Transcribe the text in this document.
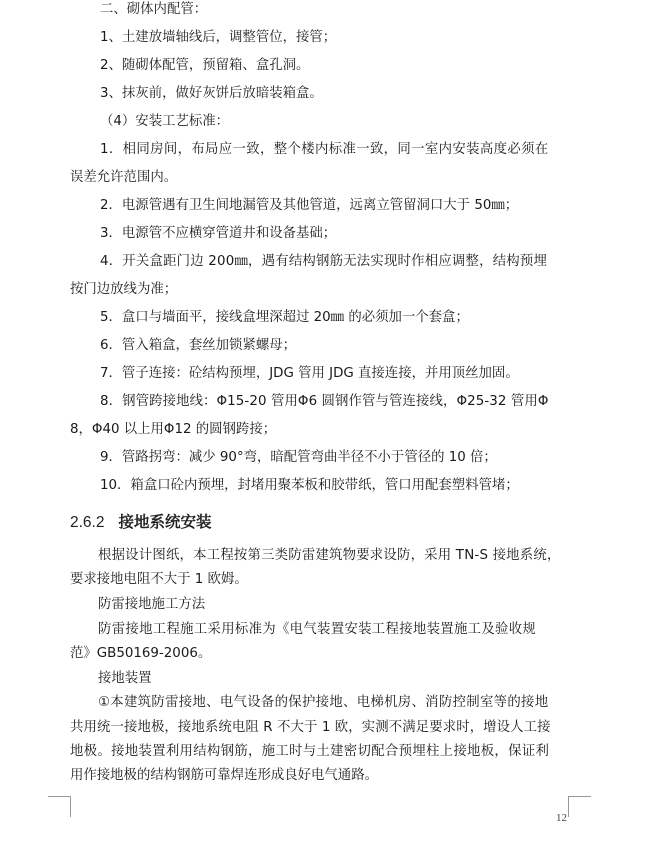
二、砌体内配管：
1、土建放墙轴线后，调整管位，接管；
2、随砌体配管，预留箱、盒孔洞。
3、抹灰前，做好灰饼后放暗装箱盒。
（4）安装工艺标准：
1．相同房间，布局应一致，整个楼内标准一致，同一室内安装高度必须在
误差允许范围内。
2．电源管遇有卫生间地漏管及其他管道，远离立管留洞口大于 50㎜；
3．电源管不应横穿管道井和设备基础；
4．开关盒距门边 200㎜，遇有结构钢筋无法实现时作相应调整，结构预埋
按门边放线为准；
5．盒口与墙面平，接线盒埋深超过 20㎜ 的必须加一个套盒；
6．管入箱盒，套丝加锁紧螺母；
7．管子连接：砼结构预埋，JDG 管用 JDG 直接连接，并用顶丝加固。
8．钢管跨接地线：Φ15-20 管用Φ6 圆钢作管与管连接线，Φ25-32 管用Φ
8，Φ40 以上用Φ12 的圆钢跨接；
9．管路拐弯：减少 90°弯，暗配管弯曲半径不小于管径的 10 倍；
10．箱盒口砼内预埋，封堵用聚苯板和胶带纸，管口用配套塑料管堵；
2.6.2 接地系统安装
根据设计图纸，本工程按第三类防雷建筑物要求设防，采用 TN-S 接地系统，
要求接地电阻不大于 1 欧姆。
防雷接地施工方法
防雷接地工程施工采用标准为《电气装置安装工程接地装置施工及验收规
范》GB50169-2006。
接地装置
①本建筑防雷接地、电气设备的保护接地、电梯机房、消防控制室等的接地
共用统一接地极，接地系统电阻 R 不大于 1 欧，实测不满足要求时，增设人工接
地极。接地装置利用结构钢筋，施工时与土建密切配合预埋柱上接地板，保证利
用作接地极的结构钢筋可靠焊连形成良好电气通路。
12
